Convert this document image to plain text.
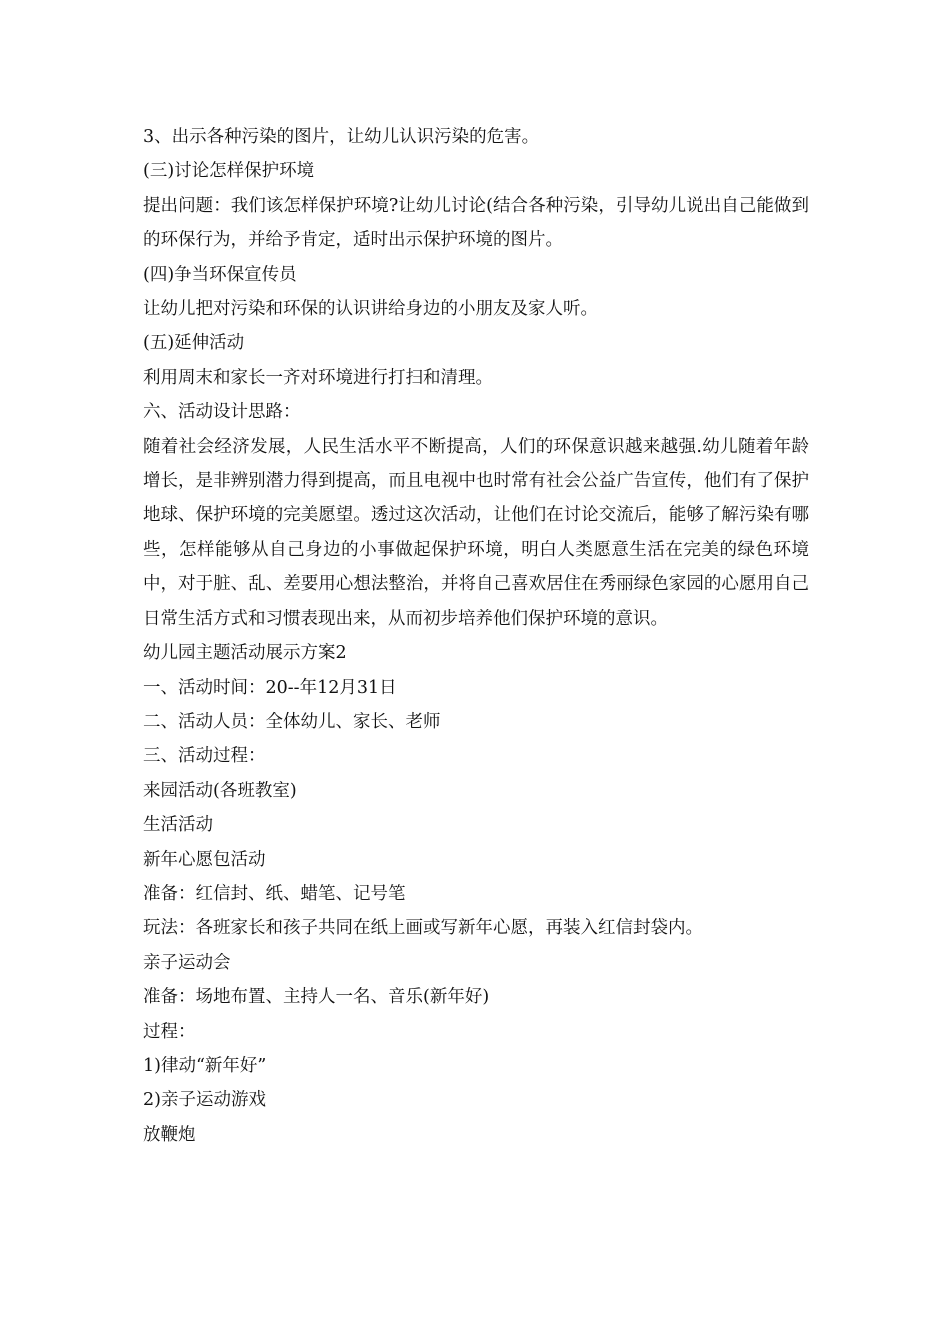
3、出示各种污染的图片，让幼儿认识污染的危害。

(三)讨论怎样保护环境

提出问题：我们该怎样保护环境?让幼儿讨论(结合各种污染，引导幼儿说出自己能做到的环保行为，并给予肯定，适时出示保护环境的图片。

(四)争当环保宣传员

让幼儿把对污染和环保的认识讲给身边的小朋友及家人听。

(五)延伸活动

利用周末和家长一齐对环境进行打扫和清理。

六、活动设计思路：

随着社会经济发展，人民生活水平不断提高，人们的环保意识越来越强.幼儿随着年龄增长，是非辨别潜力得到提高，而且电视中也时常有社会公益广告宣传，他们有了保护地球、保护环境的完美愿望。透过这次活动，让他们在讨论交流后，能够了解污染有哪些，怎样能够从自己身边的小事做起保护环境，明白人类愿意生活在完美的绿色环境中，对于脏、乱、差要用心想法整治，并将自己喜欢居住在秀丽绿色家园的心愿用自己日常生活方式和习惯表现出来，从而初步培养他们保护环境的意识。

幼儿园主题活动展示方案2

一、活动时间：20--年12月31日

二、活动人员：全体幼儿、家长、老师

三、活动过程：

来园活动(各班教室)

生活活动

新年心愿包活动

准备：红信封、纸、蜡笔、记号笔

玩法：各班家长和孩子共同在纸上画或写新年心愿，再装入红信封袋内。

亲子运动会

准备：场地布置、主持人一名、音乐(新年好)

过程：

1)律动“新年好”

2)亲子运动游戏

放鞭炮
